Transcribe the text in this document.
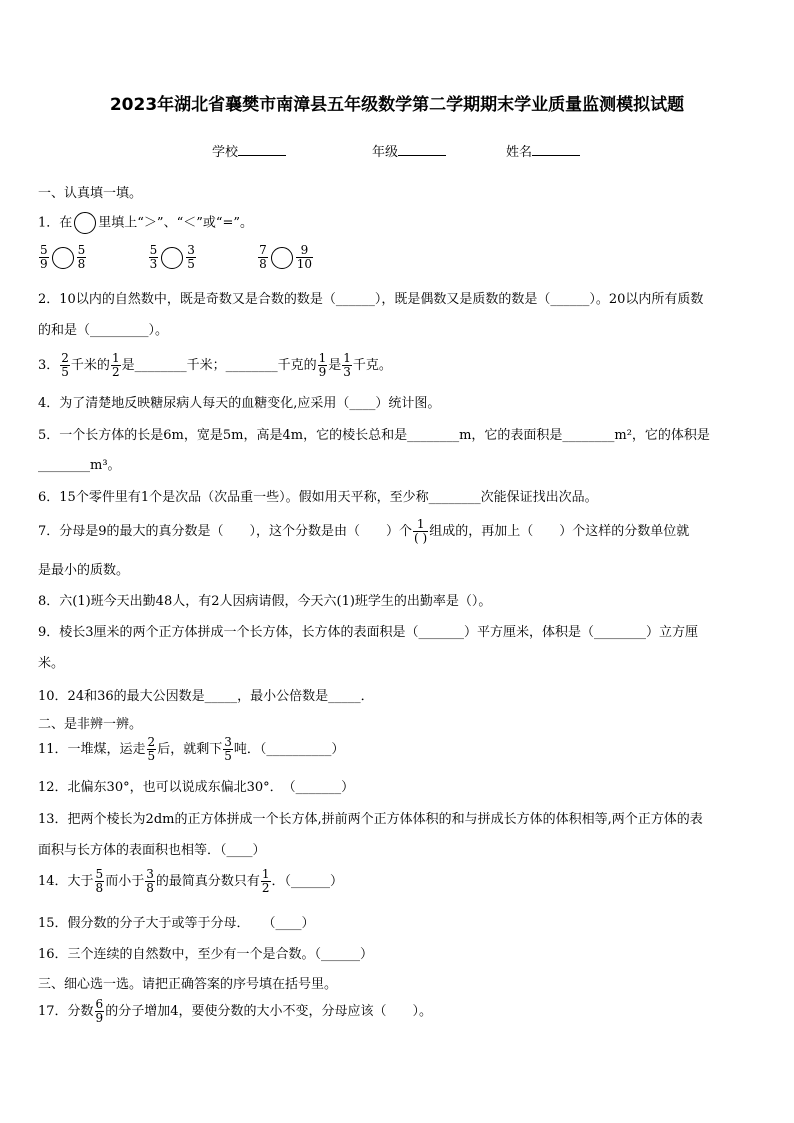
2023年湖北省襄樊市南漳县五年级数学第二学期期末学业质量监测模拟试题
学校	年级	姓名
一、认真填一填。
1．在 里填上“＞”、“＜”或“=”。
$\frac{5}{9} \frac{5}{8}$
	$\frac{5}{3} \frac{3}{5}$
	$\frac{7}{8} \frac{9}{10}$
2．10以内的自然数中，既是奇数又是合数的数是（______），既是偶数又是质数的数是（______）。20以内所有质数
的和是（_________）。
3． $\frac{2}{5}$ 千米的 $\frac{1}{2}$ 是________千米；________千克的 $\frac{1}{9}$ 是 $\frac{1}{3}$ 千克。
4．为了清楚地反映糖尿病人每天的血糖变化,应采用（____）统计图。
5．一个长方体的长是6m，宽是5m，高是4m，它的棱长总和是________m，它的表面积是________m²，它的体积是
________m³。
6．15个零件里有1个是次品（次品重一些）。假如用天平称，至少称________次能保证找出次品。
7．分母是9的最大的真分数是（　　），这个分数是由（　　）个 $\frac{1}{( )}$ 组成的，再加上（　　）个这样的分数单位就
是最小的质数。
8．六(1)班今天出勤48人，有2人因病请假，今天六(1)班学生的出勤率是（）。
9．棱长3厘米的两个正方体拼成一个长方体，长方体的表面积是（_______）平方厘米，体积是（________）立方厘
米。
10．24和36的最大公因数是_____，最小公倍数是_____．
二、是非辨一辨。
11．一堆煤，运走 $\frac{2}{5}$ 后，就剩下 $\frac{3}{5}$ 吨．（__________）
12．北偏东30°，也可以说成东偏北30°．　（_______）
13．把两个棱长为2dm的正方体拼成一个长方体,拼前两个正方体体积的和与拼成长方体的体积相等,两个正方体的表
面积与长方体的表面积也相等．（____）
14．大于 $\frac{5}{8}$ 而小于 $\frac{3}{8}$ 的最简真分数只有 $\frac{1}{2}$ ．（______）
15．假分数的分子大于或等于分母．　　（____）
16．三个连续的自然数中，至少有一个是合数。（______）
三、细心选一选。请把正确答案的序号填在括号里。
17．分数 $\frac{6}{9}$ 的分子增加4，要使分数的大小不变，分母应该（　　）。
